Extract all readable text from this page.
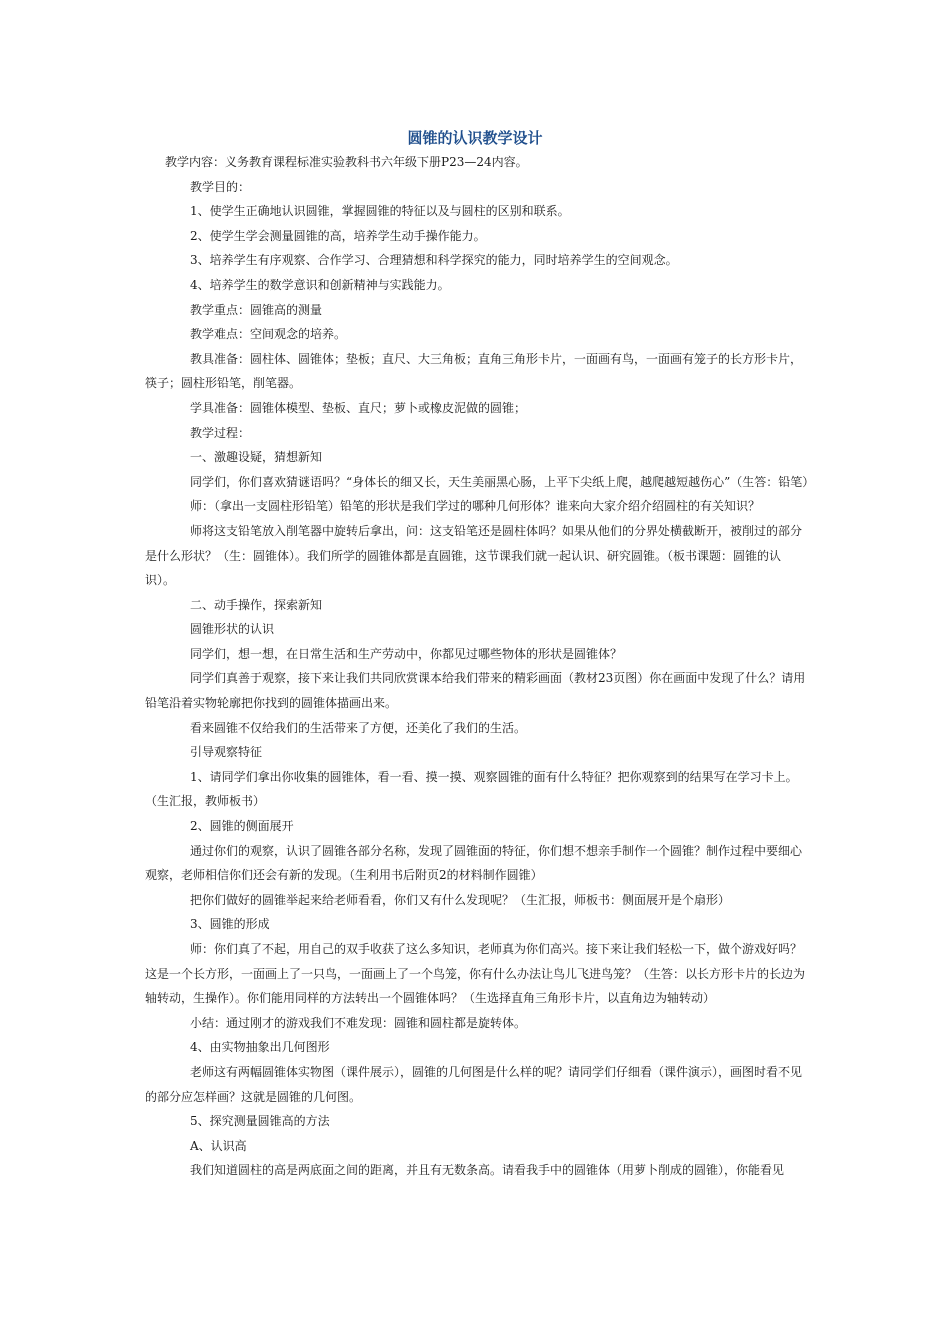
圆锥的认识教学设计

教学内容：义务教育课程标准实验教科书六年级下册P23—24内容。

教学目的：

1、使学生正确地认识圆锥，掌握圆锥的特征以及与圆柱的区别和联系。

2、使学生学会测量圆锥的高，培养学生动手操作能力。

3、培养学生有序观察、合作学习、合理猜想和科学探究的能力，同时培养学生的空间观念。

4、培养学生的数学意识和创新精神与实践能力。

教学重点：圆锥高的测量

教学难点：空间观念的培养。

教具准备：圆柱体、圆锥体；垫板；直尺、大三角板；直角三角形卡片，一面画有鸟，一面画有笼子的长方形卡片，筷子；圆柱形铅笔，削笔器。

学具准备：圆锥体模型、垫板、直尺；萝卜或橡皮泥做的圆锥；

教学过程：

一、激趣设疑，猜想新知

同学们，你们喜欢猜谜语吗？“身体长的细又长，天生美丽黑心肠，上平下尖纸上爬，越爬越短越伤心”（生答：铅笔）

师：（拿出一支圆柱形铅笔）铅笔的形状是我们学过的哪种几何形体？谁来向大家介绍介绍圆柱的有关知识？

师将这支铅笔放入削笔器中旋转后拿出，问：这支铅笔还是圆柱体吗？如果从他们的分界处横截断开，被削过的部分是什么形状？（生：圆锥体）。我们所学的圆锥体都是直圆锥，这节课我们就一起认识、研究圆锥。（板书课题：圆锥的认识）。

二、动手操作，探索新知

圆锥形状的认识

同学们，想一想，在日常生活和生产劳动中，你都见过哪些物体的形状是圆锥体？

同学们真善于观察，接下来让我们共同欣赏课本给我们带来的精彩画面（教材23页图）你在画面中发现了什么？请用铅笔沿着实物轮廓把你找到的圆锥体描画出来。

看来圆锥不仅给我们的生活带来了方便，还美化了我们的生活。

引导观察特征

1、请同学们拿出你收集的圆锥体，看一看、摸一摸、观察圆锥的面有什么特征？把你观察到的结果写在学习卡上。（生汇报，教师板书）

2、圆锥的侧面展开

通过你们的观察，认识了圆锥各部分名称，发现了圆锥面的特征，你们想不想亲手制作一个圆锥？制作过程中要细心观察，老师相信你们还会有新的发现。（生利用书后附页2的材料制作圆锥）

把你们做好的圆锥举起来给老师看看，你们又有什么发现呢？（生汇报，师板书：侧面展开是个扇形）

3、圆锥的形成

师：你们真了不起，用自己的双手收获了这么多知识，老师真为你们高兴。接下来让我们轻松一下，做个游戏好吗？这是一个长方形，一面画上了一只鸟，一面画上了一个鸟笼，你有什么办法让鸟儿飞进鸟笼？（生答：以长方形卡片的长边为轴转动，生操作）。你们能用同样的方法转出一个圆锥体吗？（生选择直角三角形卡片，以直角边为轴转动）

小结：通过刚才的游戏我们不难发现：圆锥和圆柱都是旋转体。

4、由实物抽象出几何图形

老师这有两幅圆锥体实物图（课件展示），圆锥的几何图是什么样的呢？请同学们仔细看（课件演示），画图时看不见的部分应怎样画？这就是圆锥的几何图。

5、探究测量圆锥高的方法

A、认识高

我们知道圆柱的高是两底面之间的距离，并且有无数条高。请看我手中的圆锥体（用萝卜削成的圆锥），你能看见
